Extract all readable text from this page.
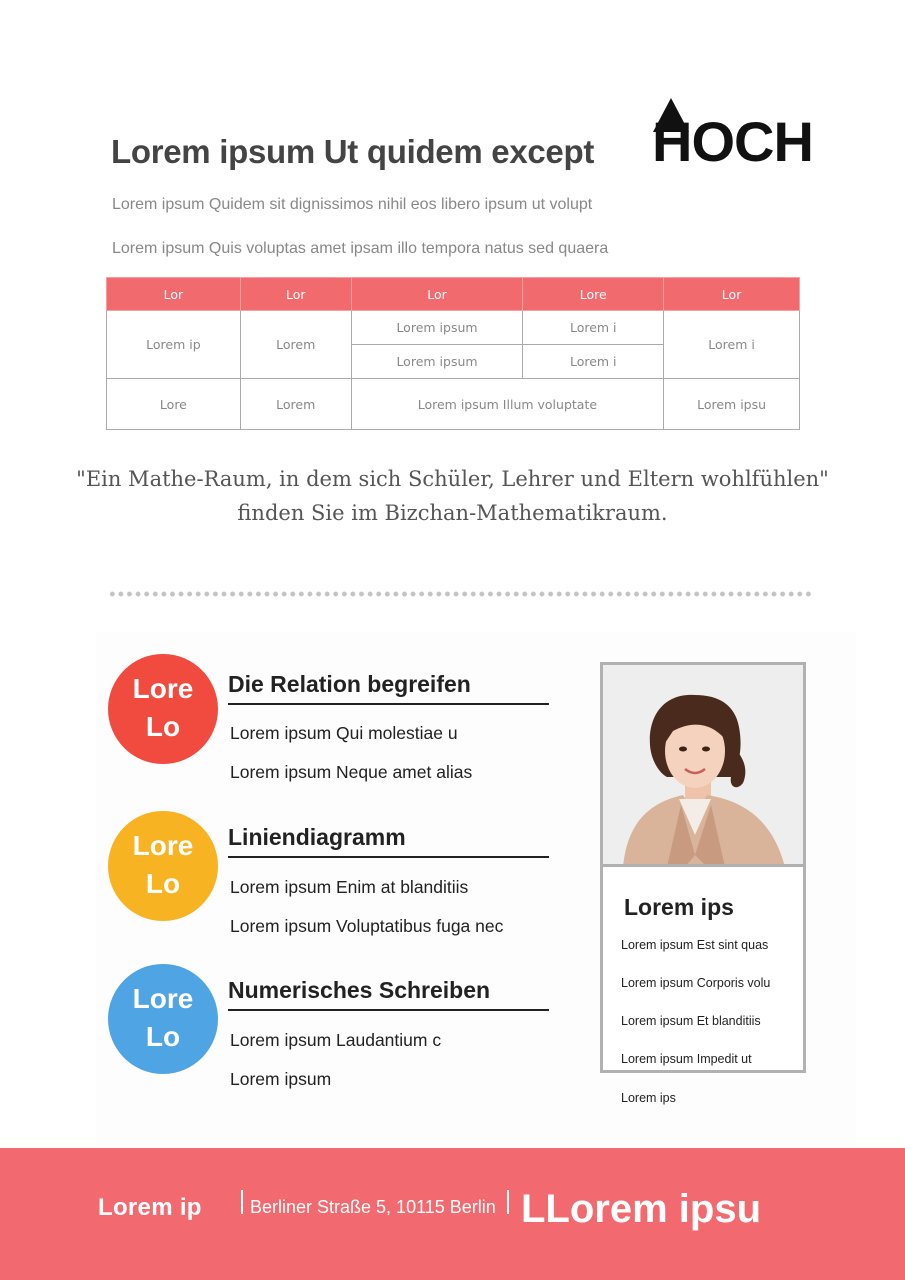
Lorem ipsum Ut quidem except HOCH
Lorem ipsum Quidem sit dignissimos nihil eos libero ipsum ut volupt
Lorem ipsum Quis voluptas amet ipsam illo tempora natus sed quaera
Lor	Lor	Lor	Lore	Lor
Lorem ip	Lorem	Lorem ipsum	Lorem i	Lorem i
		Lorem ipsum	Lorem i	
Lore	Lorem	Lorem ipsum Illum voluptate		Lorem ipsu
"Ein Mathe-Raum, in dem sich Schüler, Lehrer und Eltern wohlfühlen"
finden Sie im Bizchan-Mathematikraum.
Lore
Lo
Die Relation begreifen
Lorem ipsum Qui molestiae u
Lorem ipsum Neque amet alias
Lore
Lo
Liniendiagramm
Lorem ipsum Enim at blanditiis
Lorem ipsum Voluptatibus fuga nec
Lore
Lo
Numerisches Schreiben
Lorem ipsum Laudantium c
Lorem ipsum
Lorem ips
Lorem ipsum Est sint quas
Lorem ipsum Corporis volu
Lorem ipsum Et blanditiis
Lorem ipsum Impedit ut
Lorem ips
Lorem ip	Berliner Straße 5, 10115 Berlin LLorem ipsu
